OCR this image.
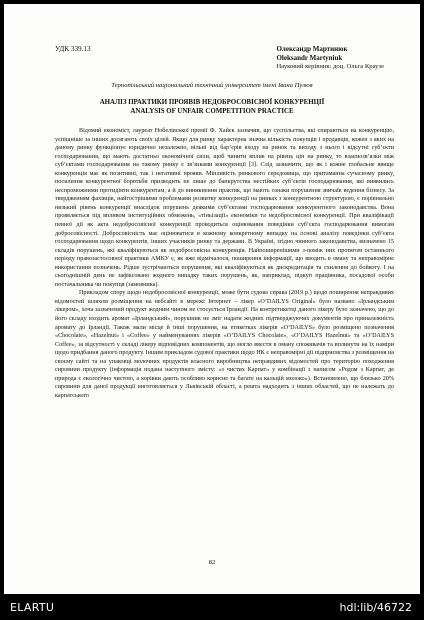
УДК 339.13	Олександр Мартинюк
Oleksandr Martyniuk
Науковий керівник: доц. Ольга Краузе
Тернопільський національний технічний університет імені Івана Пулюя
АНАЛІЗ ПРАКТИКИ ПРОЯВІВ НЕДОБРОСОВІСНОЇ КОНКУРЕНЦІЇ
ANALYSIS OF UNFAIR COMPETITION PRACTICE

Відомий економіст, лауреат Нобелівської премії Ф. Хайєк зазначив, що суспільства, які спираються на конкуренцію, успішніше за інших досягають своїх цілей. Якщо для ринку характерна значна кількість покупців і продавців, кожен з яких на даному ринку функціонує юридично незалежно, вільні від бар’єрів входу на ринок та виходу з нього і відсутні суб’єкти господарювання, що мають достатньо економічної сили, щоб чинити вплив на рівень цін на ринку, то взаємозв’язки між суб’єктами господарювання на такому ринку є зв’язками конкуренції [3]. Слід зазначити, що як і кожне глобальне явище конкуренція має як позитивні, так і негативні прояви. Мінливість ринкового середовища, що притаманна сучасному ринку, посилення конкурентної боротьби призводить не лише до банкрутства нестійких суб’єктів господарювання, які виявились неспроможними протидіяти конкурентам, а й до виникнення практик, що мають ознаки порушення звичаїв ведення бізнесу. За твердженням фахівців, найгострішими проблемами розвитку конкуренції на ринках з конкурентною структурою, є порівняльно низький рівень конкуренції внаслідок порушень деякими суб’єктами господарювання конкурентного законодавства. Вона проявляється під впливом інституційних обмежень, «тіньізації» економіки та недобросовісної конкуренції. При кваліфікації певної дії як акта недобросовісної конкуренції проводиться оцінювання поведінки суб’єкта господарювання вимогам добросовісності. Добросовісність має оцінюватися в кожному конкретному випадку на основі аналізу поведінки суб’єкта господарювання щодо конкурентів, інших учасників ринку та держави. В Україні, згідно чинного законодавства, визначено 15 складів порушень, які кваліфікуються як недобросовісна конкуренція. Найпоширенішими з-поміж них протягом останнього періоду правозастосовної практики АМКУ є, як вже відмічалося, поширення інформації, що вводить в оману та неправомірне використання позначень. Рідше зустрічаються порушення, які кваліфікуються як дискредитація та схилення до бойкоту. І на сьогоднішній день не зафіксовано жодного випадку таких порушень, як, наприклад, підкуп працівника, посадової особи постачальника чи покупця (замовника).

Прикладом спору щодо недобросовісної конкуренції, може бути судова справа (2019 р.) щодо поширення неправдивих відомостей шляхом розміщення на вебсайті в мережі Інтернет – лікер «O’DAILYS Original» було названо «Ірландським лікером», хоча зазначений продукт жодним чином не стосується Ірландії. На контретикетці даного лікеру було зазначено, що до його складу входить аромат «Ірландський», порушник не зміг надати жодних підтверджуючих документів про приналежність аромату до Ірландії. Також мали місце й інші порушення, на етикетках лікерів «O’DAILYS» було розміщено позначення «Chocolate», «Hazelnut» і «Coffee» у найменуваннях лікерів «O’DAILYS Chocolate», «O’DAILYS Hazelnut» та «O’DAILYS Coffee», за відсутності у складі лікеру відповідних компонентів, що могло ввести в оману споживачів та вплинути на їх наміри щодо придбання даного продукту. Іншим прикладом судової практики щодо НК є неправомірні дії підприємства з розміщення на своєму сайті та на упаковці молочних продуктів власного виробництва неправдивих відомостей про територію походження сировини продукту (інформація подана наступного змісту: «з чистих Карпат» у комбінації з написом «Родом з Карпат, де природа є екологічно чистою, а корівки дають особливо корисне та багате на кальцій молоко»). Встановлено, що близько 20% сировини для даної продукції виготовляється у Львівській області, а решта надходить з інших областей, що не належать до карпатського

82
ELARTU	hdl:lib/46722
